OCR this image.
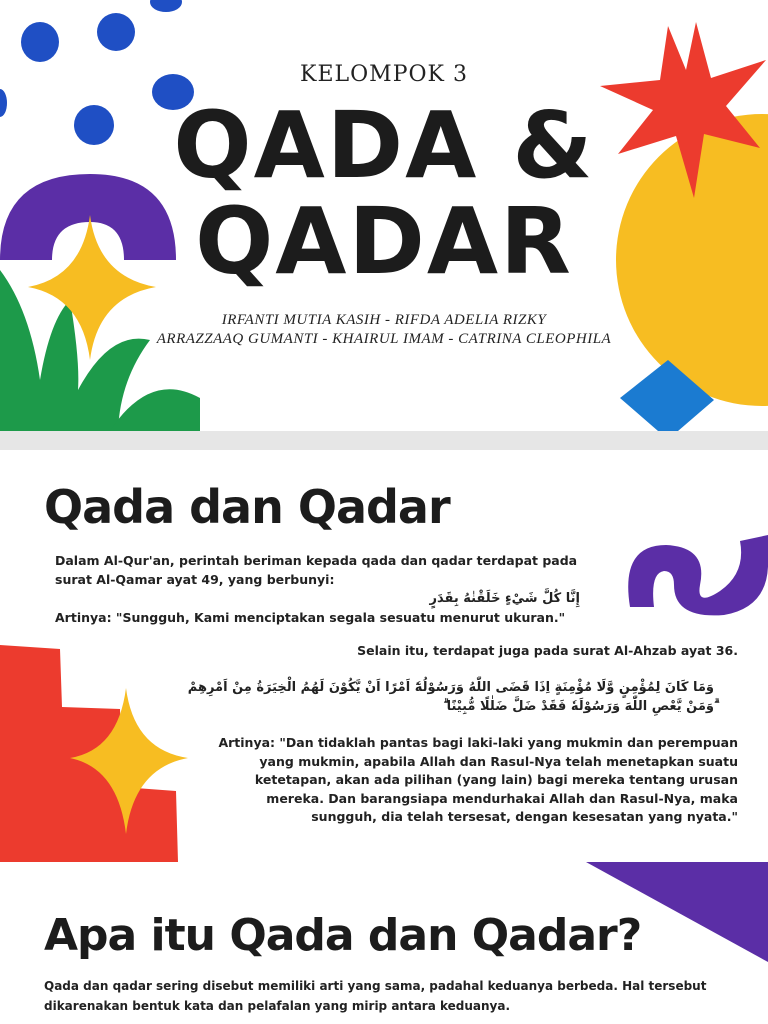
KELOMPOK 3
QADA &
QADAR
IRFANTI MUTIA KASIH - RIFDA ADELIA RIZKY
ARRAZZAAQ GUMANTI - KHAIRUL IMAM - CATRINA CLEOPHILA
Qada dan Qadar
Dalam Al-Qur'an, perintah beriman kepada qada dan qadar terdapat pada surat Al-Qamar ayat 49, yang berbunyi:
إِنَّا كُلَّ شَيْءٍ خَلَقْنٰهُ بِقَدَرٍ
Artinya: "Sungguh, Kami menciptakan segala sesuatu menurut ukuran."
Selain itu, terdapat juga pada surat Al-Ahzab ayat 36.
وَمَا كَانَ لِمُؤْمِنٍ وَّلَا مُؤْمِنَةٍ اِذَا قَضَى اللّٰهُ وَرَسُوْلُهٗٓ اَمْرًا اَنْ يَّكُوْنَ لَهُمُ الْخِيَرَةُ مِنْ اَمْرِهِمْ ۗوَمَنْ يَّعْصِ اللّٰهَ وَرَسُوْلَهٗ فَقَدْ ضَلَّ ضَلٰلًا مُّبِيْنًا ۗ
Artinya: "Dan tidaklah pantas bagi laki-laki yang mukmin dan perempuan yang mukmin, apabila Allah dan Rasul-Nya telah menetapkan suatu ketetapan, akan ada pilihan (yang lain) bagi mereka tentang urusan mereka. Dan barangsiapa mendurhakai Allah dan Rasul-Nya, maka sungguh, dia telah tersesat, dengan kesesatan yang nyata."
Apa itu Qada dan Qadar?
Qada dan qadar sering disebut memiliki arti yang sama, padahal keduanya berbeda. Hal tersebut dikarenakan bentuk kata dan pelafalan yang mirip antara keduanya.
